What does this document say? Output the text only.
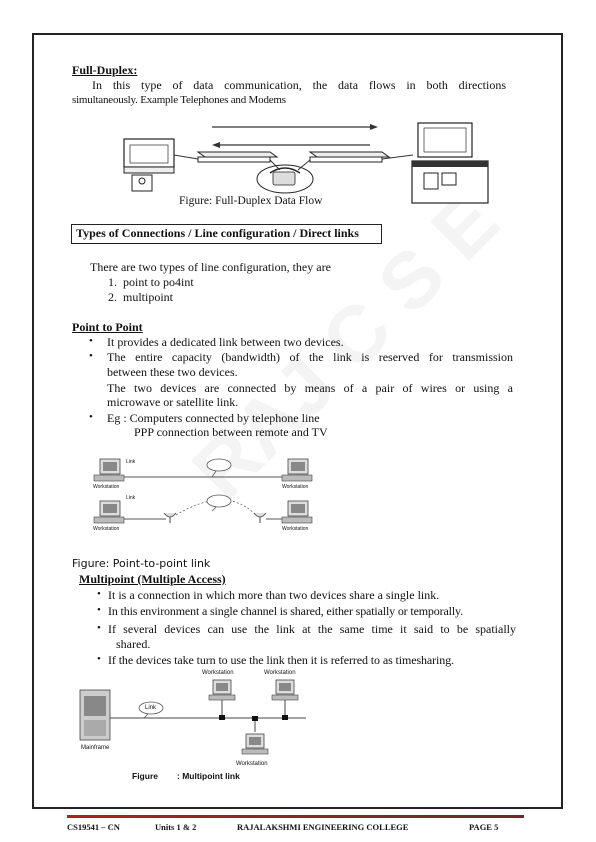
Full-Duplex:
In this type of data communication, the data flows in both directions
simultaneously. Example Telephones and Modems
Figure: Full-Duplex Data Flow
Types of Connections / Line configuration / Direct links
There are two types of line configuration, they are
1. point to po4int
2. multipoint
Point to Point
• It provides a dedicated link between two devices.
• The entire capacity (bandwidth) of the link is reserved for transmission
between these two devices.
The two devices are connected by means of a pair of wires or using a
microwave or satellite link.
• Eg : Computers connected by telephone line
PPP connection between remote and TV
Link
Link
Workstation	Workstation
Workstation	Workstation
Figure: Point-to-point link
Multipoint (Multiple Access)
• It is a connection in which more than two devices share a single link.
• In this environment a single channel is shared, either spatially or temporally.
• If several devices can use the link at the same time it said to be spatially
shared.
• If the devices take turn to use the link then it is referred to as timesharing.
Mainframe
Link
Workstation	Workstation
Workstation
Figure : Multipoint link
CS19541 – CN	Units 1 & 2	RAJALAKSHMI ENGINEERING COLLEGE	PAGE 5
